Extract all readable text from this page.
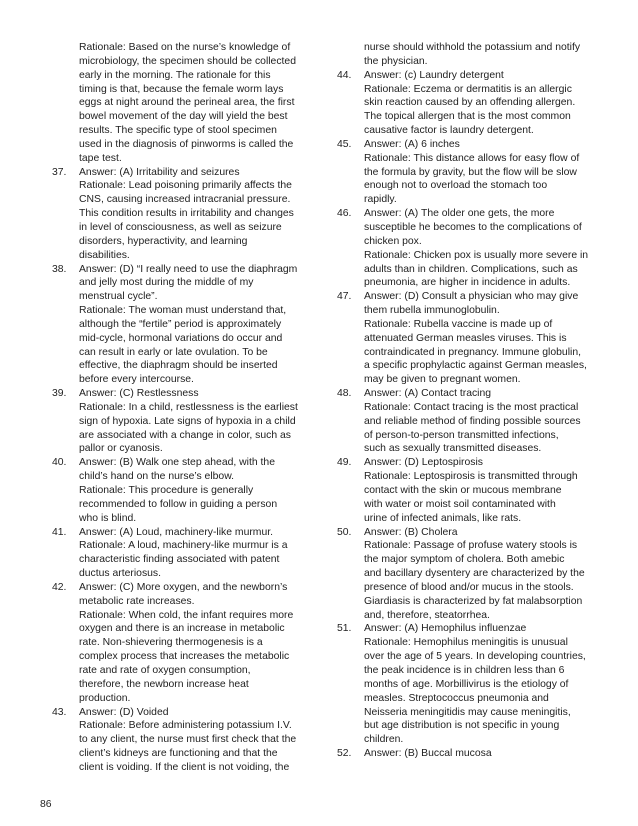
Rationale: Based on the nurse’s knowledge of
microbiology, the specimen should be collected
early in the morning. The rationale for this
timing is that, because the female worm lays
eggs at night around the perineal area, the first
bowel movement of the day will yield the best
results. The specific type of stool specimen
used in the diagnosis of pinworms is called the
tape test.
37. Answer: (A) Irritability and seizures
Rationale: Lead poisoning primarily affects the
CNS, causing increased intracranial pressure.
This condition results in irritability and changes
in level of consciousness, as well as seizure
disorders, hyperactivity, and learning
disabilities.
38. Answer: (D) “I really need to use the diaphragm
and jelly most during the middle of my
menstrual cycle”.
Rationale: The woman must understand that,
although the “fertile” period is approximately
mid-cycle, hormonal variations do occur and
can result in early or late ovulation. To be
effective, the diaphragm should be inserted
before every intercourse.
39. Answer: (C) Restlessness
Rationale: In a child, restlessness is the earliest
sign of hypoxia. Late signs of hypoxia in a child
are associated with a change in color, such as
pallor or cyanosis.
40. Answer: (B) Walk one step ahead, with the
child’s hand on the nurse’s elbow.
Rationale: This procedure is generally
recommended to follow in guiding a person
who is blind.
41. Answer: (A) Loud, machinery-like murmur.
Rationale: A loud, machinery-like murmur is a
characteristic finding associated with patent
ductus arteriosus.
42. Answer: (C) More oxygen, and the newborn’s
metabolic rate increases.
Rationale: When cold, the infant requires more
oxygen and there is an increase in metabolic
rate. Non-shievering thermogenesis is a
complex process that increases the metabolic
rate and rate of oxygen consumption,
therefore, the newborn increase heat
production.
43. Answer: (D) Voided
Rationale: Before administering potassium I.V.
to any client, the nurse must first check that the
client’s kidneys are functioning and that the
client is voiding. If the client is not voiding, the
nurse should withhold the potassium and notify
the physician.
44. Answer: (c) Laundry detergent
Rationale: Eczema or dermatitis is an allergic
skin reaction caused by an offending allergen.
The topical allergen that is the most common
causative factor is laundry detergent.
45. Answer: (A) 6 inches
Rationale: This distance allows for easy flow of
the formula by gravity, but the flow will be slow
enough not to overload the stomach too
rapidly.
46. Answer: (A) The older one gets, the more
susceptible he becomes to the complications of
chicken pox.
Rationale: Chicken pox is usually more severe in
adults than in children. Complications, such as
pneumonia, are higher in incidence in adults.
47. Answer: (D) Consult a physician who may give
them rubella immunoglobulin.
Rationale: Rubella vaccine is made up of
attenuated German measles viruses. This is
contraindicated in pregnancy. Immune globulin,
a specific prophylactic against German measles,
may be given to pregnant women.
48. Answer: (A) Contact tracing
Rationale: Contact tracing is the most practical
and reliable method of finding possible sources
of person-to-person transmitted infections,
such as sexually transmitted diseases.
49. Answer: (D) Leptospirosis
Rationale: Leptospirosis is transmitted through
contact with the skin or mucous membrane
with water or moist soil contaminated with
urine of infected animals, like rats.
50. Answer: (B) Cholera
Rationale: Passage of profuse watery stools is
the major symptom of cholera. Both amebic
and bacillary dysentery are characterized by the
presence of blood and/or mucus in the stools.
Giardiasis is characterized by fat malabsorption
and, therefore, steatorrhea.
51. Answer: (A) Hemophilus influenzae
Rationale: Hemophilus meningitis is unusual
over the age of 5 years. In developing countries,
the peak incidence is in children less than 6
months of age. Morbillivirus is the etiology of
measles. Streptococcus pneumonia and
Neisseria meningitidis may cause meningitis,
but age distribution is not specific in young
children.
52. Answer: (B) Buccal mucosa
86
